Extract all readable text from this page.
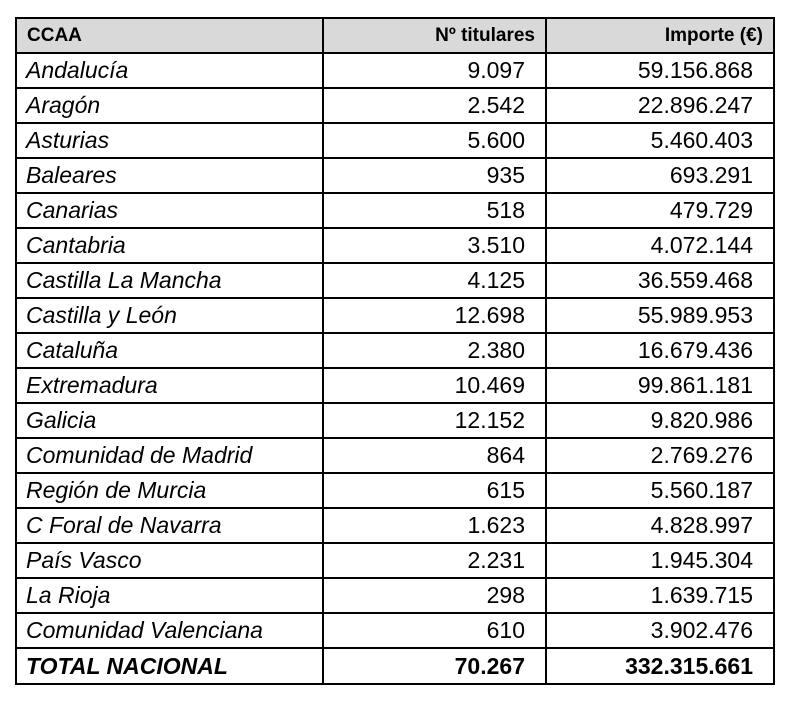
CCAA	Nº titulares	Importe (€)
Andalucía	9.097	59.156.868
Aragón	2.542	22.896.247
Asturias	5.600	5.460.403
Baleares	935	693.291
Canarias	518	479.729
Cantabria	3.510	4.072.144
Castilla La Mancha	4.125	36.559.468
Castilla y León	12.698	55.989.953
Cataluña	2.380	16.679.436
Extremadura	10.469	99.861.181
Galicia	12.152	9.820.986
Comunidad de Madrid	864	2.769.276
Región de Murcia	615	5.560.187
C Foral de Navarra	1.623	4.828.997
País Vasco	2.231	1.945.304
La Rioja	298	1.639.715
Comunidad Valenciana	610	3.902.476
TOTAL NACIONAL	70.267	332.315.661
